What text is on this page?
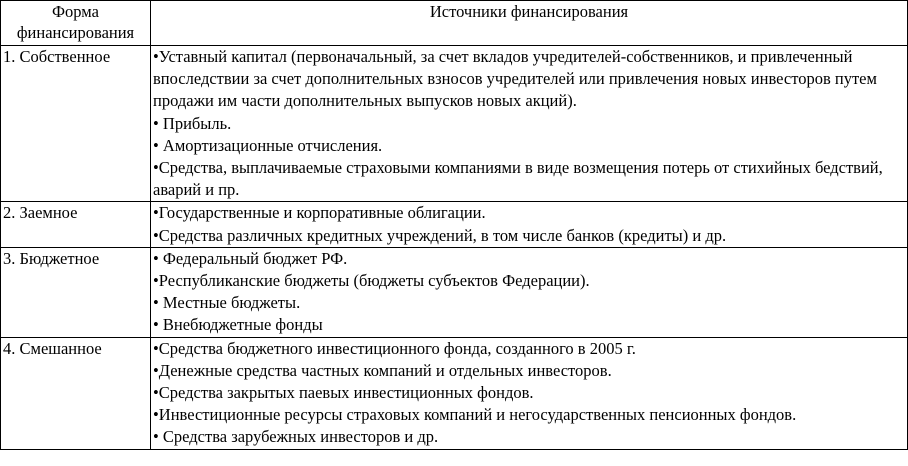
Форма
финансирования	Источники финансирования
1. Собственное	•Уставный капитал (первоначальный, за счет вкладов учредителей-собственников, и привлеченный впоследствии за счет дополнительных взносов учредителей или привлечения новых инвесторов путем продажи им части дополнительных выпусков новых акций).
• Прибыль.
• Амортизационные отчисления.
•Средства, выплачиваемые страховыми компаниями в виде возмещения потерь от стихийных бедствий, аварий и пр.

2. Заемное	•Государственные и корпоративные облигации.
•Средства различных кредитных учреждений, в том числе банков (кредиты) и др.

3. Бюджетное	• Федеральный бюджет РФ.
•Республиканские бюджеты (бюджеты субъектов Федерации).
• Местные бюджеты.
• Внебюджетные фонды

4. Смешанное	•Средства бюджетного инвестиционного фонда, созданного в 2005 г.
•Денежные средства частных компаний и отдельных инвесторов.
•Средства закрытых паевых инвестиционных фондов.
•Инвестиционные ресурсы страховых компаний и негосударственных пенсионных фондов.
• Средства зарубежных инвесторов и др.
